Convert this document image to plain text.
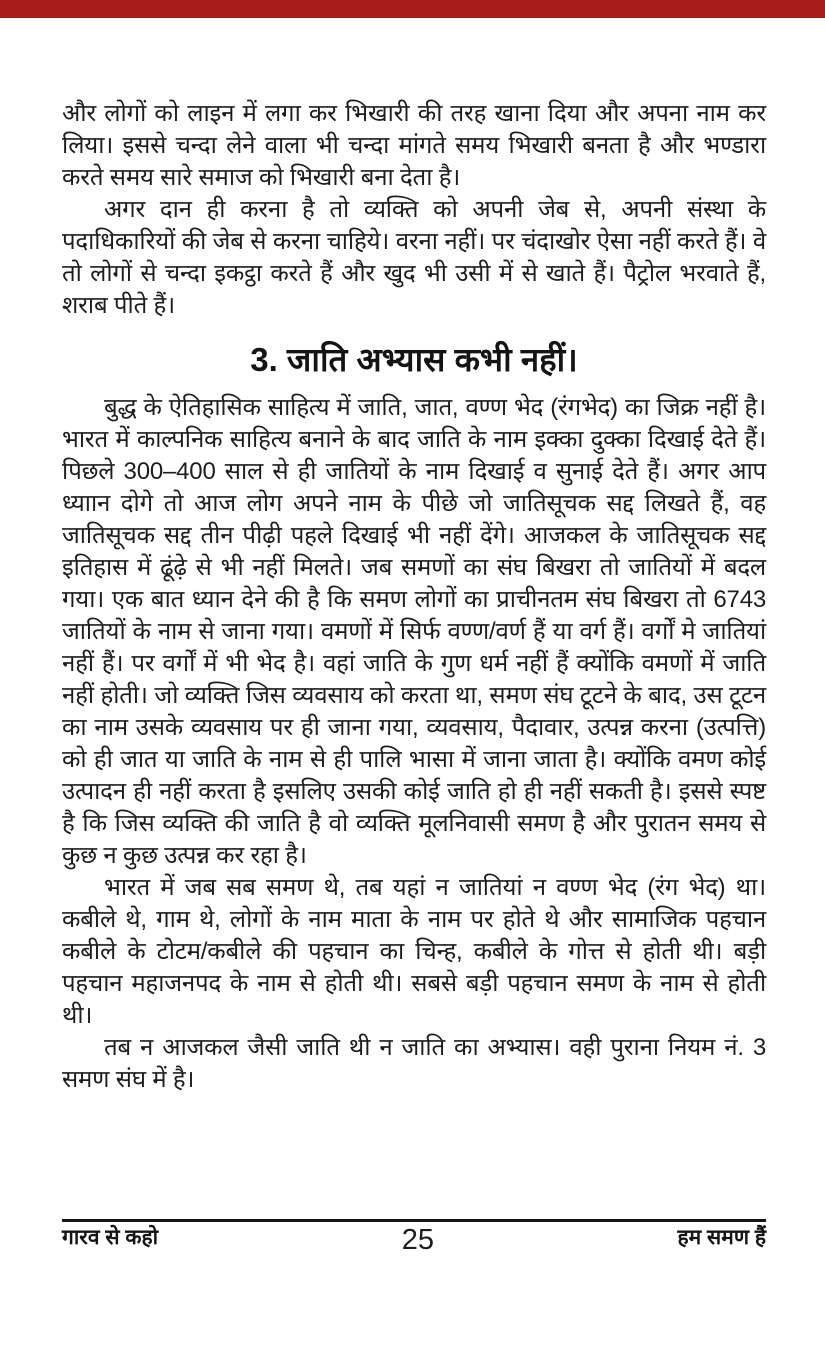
और लोगों को लाइन में लगा कर भिखारी की तरह खाना दिया और अपना नाम कर लिया। इससे चन्दा लेने वाला भी चन्दा मांगते समय भिखारी बनता है और भण्डारा करते समय सारे समाज को भिखारी बना देता है।

अगर दान ही करना है तो व्यक्ति को अपनी जेब से, अपनी संस्था के पदाधिकारियों की जेब से करना चाहिये। वरना नहीं। पर चंदाखोर ऐसा नहीं करते हैं। वे तो लोगों से चन्दा इकट्ठा करते हैं और खुद भी उसी में से खाते हैं। पैट्रोल भरवाते हैं, शराब पीते हैं।

3. जाति अभ्यास कभी नहीं।

बुद्ध के ऐतिहासिक साहित्य में जाति, जात, वण्ण भेद (रंगभेद) का जिक्र नहीं है। भारत में काल्पनिक साहित्य बनाने के बाद जाति के नाम इक्का दुक्का दिखाई देते हैं। पिछले 300–400 साल से ही जातियों के नाम दिखाई व सुनाई देते हैं। अगर आप ध्याान दोगे तो आज लोग अपने नाम के पीछे जो जातिसूचक सद्द लिखते हैं, वह जातिसूचक सद्द तीन पीढ़ी पहले दिखाई भी नहीं देंगे। आजकल के जातिसूचक सद्द इतिहास में ढूंढ़े से भी नहीं मिलते। जब समणों का संघ बिखरा तो जातियों में बदल गया। एक बात ध्यान देने की है कि समण लोगों का प्राचीनतम संघ बिखरा तो 6743 जातियों के नाम से जाना गया। वमणों में सिर्फ वण्ण/वर्ण हैं या वर्ग हैं। वर्गों मे जातियां नहीं हैं। पर वर्गों में भी भेद है। वहां जाति के गुण धर्म नहीं हैं क्योंकि वमणों में जाति नहीं होती। जो व्यक्ति जिस व्यवसाय को करता था, समण संघ टूटने के बाद, उस टूटन का नाम उसके व्यवसाय पर ही जाना गया, व्यवसाय, पैदावार, उत्पन्न करना (उत्पत्ति) को ही जात या जाति के नाम से ही पालि भासा में जाना जाता है। क्योंकि वमण कोई उत्पादन ही नहीं करता है इसलिए उसकी कोई जाति हो ही नहीं सकती है। इससे स्पष्ट है कि जिस व्यक्ति की जाति है वो व्यक्ति मूलनिवासी समण है और पुरातन समय से कुछ न कुछ उत्पन्न कर रहा है।

भारत में जब सब समण थे, तब यहां न जातियां न वण्ण भेद (रंग भेद) था। कबीले थे, गाम थे, लोगों के नाम माता के नाम पर होते थे और सामाजिक पहचान कबीले के टोटम/कबीले की पहचान का चिन्ह, कबीले के गोत्त से होती थी। बड़ी पहचान महाजनपद के नाम से होती थी। सबसे बड़ी पहचान समण के नाम से होती थी।

तब न आजकल जैसी जाति थी न जाति का अभ्यास। वही पुराना नियम नं. 3 समण संघ में है।

गारव से कहो	25	हम समण हैं
